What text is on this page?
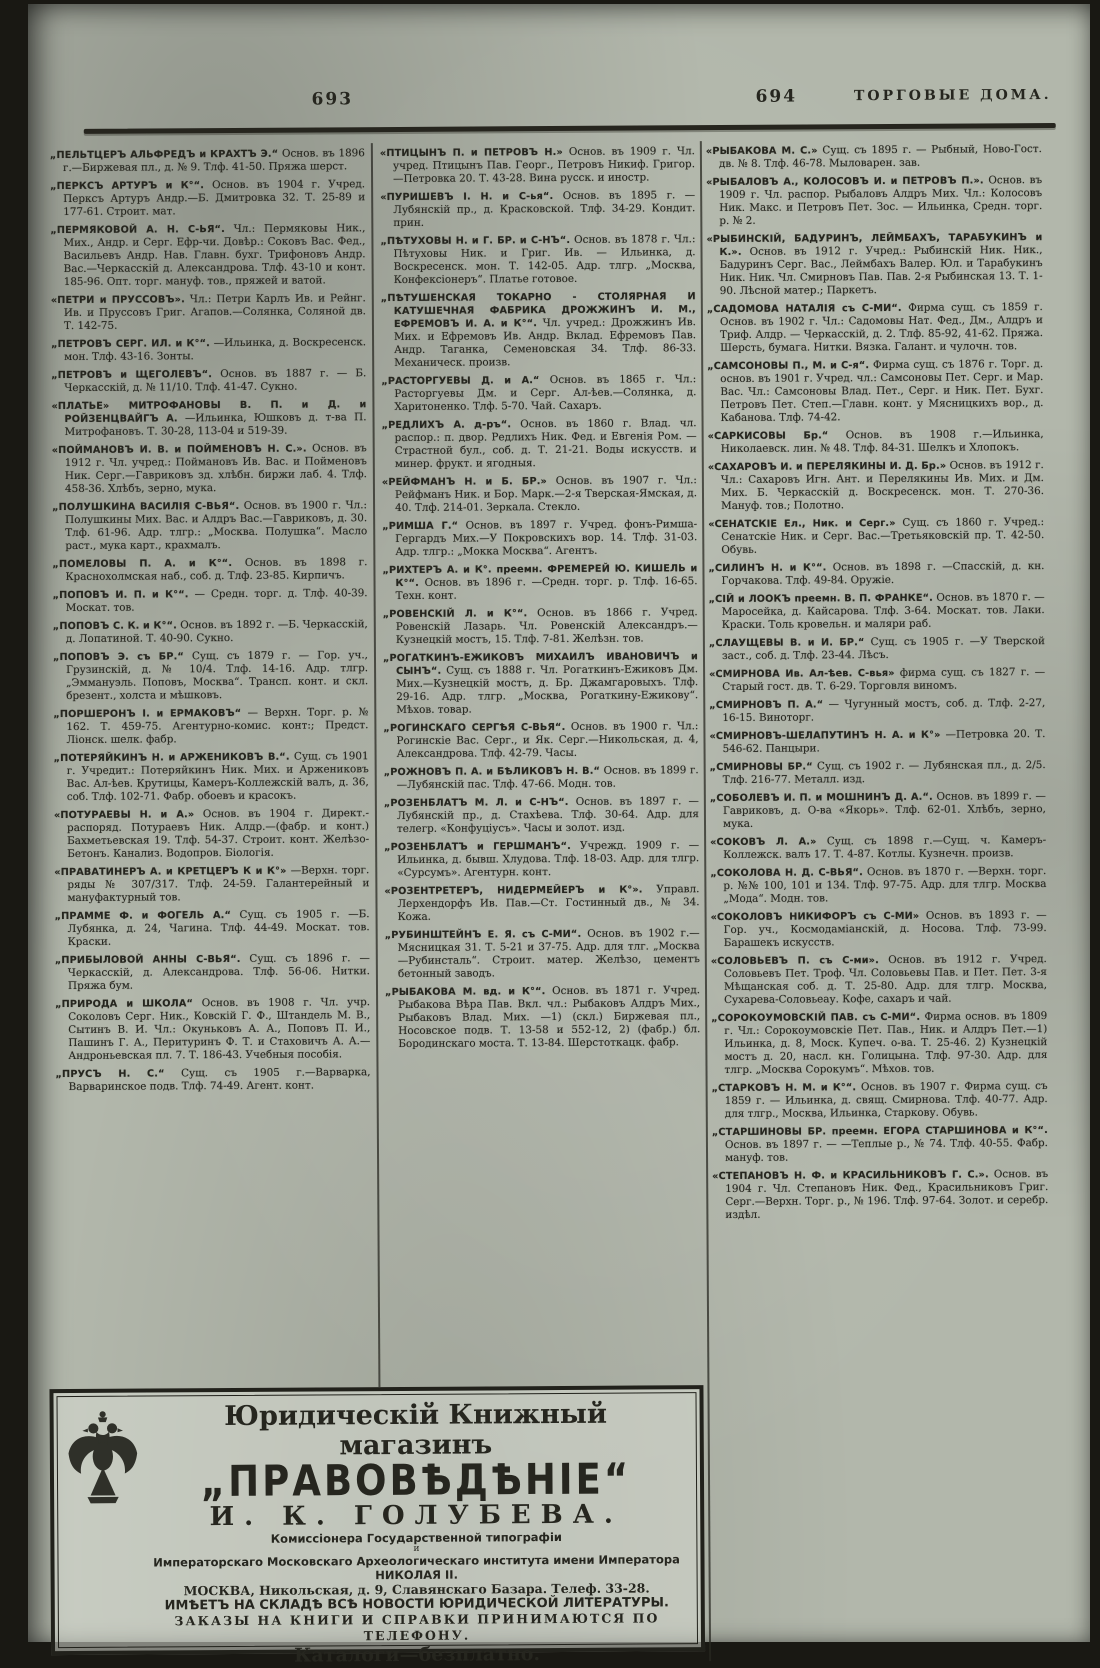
693	694	ТОРГОВЫЕ ДОМА.
„ПЕЛЬТЦЕРЪ АЛЬФРЕДЪ и КРАХТЪ Э.“ Основ. въ 1896 г.—Биржевая пл., д. № 9. Тлф. 41-50. Пряжа шерст.
„ПЕРКСЪ АРТУРЪ и К°“. Основ. въ 1904 г. Учред. Перксъ Артуръ Андр.—Б. Дмитровка 32. Т. 25-89 и 177-61. Строит. мат.
„ПЕРМЯКОВОЙ А. Н. С-ЬЯ“. Чл.: Пермяковы Ник., Мих., Андр. и Серг. Ефр-чи. Довѣр.: Соковъ Вас. Фед., Васильевъ Андр. Нав. Главн. бухг. Трифоновъ Андр. Вас.—Черкасскій д. Александрова. Тлф. 43-10 и конт. 185-96. Опт. торг. мануф. тов., пряжей и ватой.
«ПЕТРИ и ПРУССОВЪ». Чл.: Петри Карлъ Ив. и Рейнг. Ив. и Пруссовъ Григ. Агапов.—Солянка, Соляной дв. Т. 142-75.
„ПЕТРОВЪ СЕРГ. ИЛ. и К°“. —Ильинка, д. Воскресенск. мон. Тлф. 43-16. Зонты.
„ПЕТРОВЪ и ЩЕГОЛЕВЪ“. Основ. въ 1887 г. — Б. Черкасскій, д. № 11/10. Тлф. 41-47. Сукно.
«ПЛАТЬЕ» МИТРОФАНОВЫ В. П. и Д. и РОЙЗЕНЦВАЙГЪ А. —Ильинка, Юшковъ д. т-ва П. Митрофановъ. Т. 30-28, 113-04 и 519-39.
«ПОЙМАНОВЪ И. В. и ПОЙМЕНОВЪ Н. С.». Основ. въ 1912 г. Чл. учред.: Поймановъ Ив. Вас. и Пойменовъ Ник. Серг.—Гавриковъ зд. хлѣбн. биржи лаб. 4. Тлф. 458-36. Хлѣбъ, зерно, мука.
„ПОЛУШКИНА ВАСИЛІЯ С-ВЬЯ“. Основ. въ 1900 г. Чл.: Полушкины Мих. Вас. и Алдръ Вас.—Гавриковъ, д. 30. Тлф. 61-96. Адр. тлгр.: „Москва. Полушка“. Масло раст., мука карт., крахмалъ.
„ПОМЕЛОВЫ П. А. и К°“. Основ. въ 1898 г. Краснохолмская наб., соб. д. Тлф. 23-85. Кирпичъ.
„ПОПОВЪ И. П. и К°“. — Средн. торг. д. Тлф. 40-39. Москат. тов.
„ПОПОВЪ С. К. и К°“. Основ. въ 1892 г. —Б. Черкасскій, д. Лопатиной. Т. 40-90. Сукно.
„ПОПОВЪ Э. съ БР.“ Сущ. съ 1879 г. — Гор. уч., Грузинскій, д. № 10/4. Тлф. 14-16. Адр. тлгр. „Эммануэль. Поповъ, Москва“. Трансп. конт. и скл. брезент., холста и мѣшковъ.
„ПОРШЕРОНЪ І. и ЕРМАКОВЪ“ — Верхн. Торг. р. № 162. Т. 459-75. Агентурно-комис. конт:; Предст. Ліонск. шелк. фабр.
„ПОТЕРЯЙКИНЪ Н. и АРЖЕНИКОВЪ В.“. Сущ. съ 1901 г. Учредит.: Потеряйкинъ Ник. Мих. и Аржениковъ Вас. Ал-ѣев. Крутицы, Камеръ-Коллежскій валъ, д. 36, соб. Тлф. 102-71. Фабр. обоевъ и красокъ.
«ПОТУРАЕВЫ Н. и А.» Основ. въ 1904 г. Директ.-распоряд. Потураевъ Ник. Алдр.—(фабр. и конт.) Бахметьевская 19. Тлф. 54-37. Строит. конт. Желѣзо-Бетонъ. Канализ. Водопров. Біологія.
«ПРАВАТИНЕРЪ А. и КРЕТЦЕРЪ К и К°» —Верхн. торг. ряды № 307/317. Тлф. 24-59. Галантерейный и мануфактурный тов.
„ПРАММЕ Ф. и ФОГЕЛЬ А.“ Сущ. съ 1905 г. —Б. Лубянка, д. 24, Чагина. Тлф. 44-49. Москат. тов. Краски.
„ПРИБЫЛОВОЙ АННЫ С-ВЬЯ“. Сущ. съ 1896 г. — Черкасскій, д. Александрова. Тлф. 56-06. Нитки. Пряжа бум.
„ПРИРОДА и ШКОЛА“ Основ. въ 1908 г. Чл. учр. Соколовъ Серг. Ник., Ковскій Г. Ф., Штандель М. В., Сытинъ В. И. Чл.: Окуньковъ А. А., Поповъ П. И., Пашинъ Г. А., Перитуринъ Ф. Т. и Стаховичъ А. А.—Андроньевская пл. 7. Т. 186-43. Учебныя пособія.
„ПРУСЪ Н. С.“ Сущ. съ 1905 г.—Варварка, Варваринское подв. Тлф. 74-49. Агент. конт.
«ПТИЦЫНЪ П. и ПЕТРОВЪ Н.» Основ. въ 1909 г. Чл. учред. Птицынъ Пав. Георг., Петровъ Никиф. Григор.—Петровка 20. Т. 43-28. Вина русск. и иностр.
«ПУРИШЕВЪ І. Н. и С-ья“. Основ. въ 1895 г. —Лубянскій пр., д. Красковской. Тлф. 34-29. Кондит. прин.
„ПѢТУХОВЫ Н. и Г. БР. и С-НЪ“. Основ. въ 1878 г. Чл.: Пѣтуховы Ник. и Григ. Ив. — Ильинка, д. Воскресенск. мон. Т. 142-05. Адр. тлгр. „Москва, Конфексіонеръ“. Платье готовое.
„ПѢТУШЕНСКАЯ ТОКАРНО - СТОЛЯРНАЯ И КАТУШЕЧНАЯ ФАБРИКА ДРОЖЖИНЪ И. М., ЕФРЕМОВЪ И. А. и К°“. Чл. учред.: Дрожжинъ Ив. Мих. и Ефремовъ Ив. Андр. Вклад. Ефремовъ Пав. Андр. Таганка, Семеновская 34. Тлф. 86-33. Механическ. произв.
„РАСТОРГУЕВЫ Д. и А.“ Основ. въ 1865 г. Чл.: Расторгуевы Дм. и Серг. Ал-ѣев.—Солянка, д. Харитоненко. Тлф. 5-70. Чай. Сахаръ.
„РЕДЛИХЪ А. д-ръ“. Основ. въ 1860 г. Влад. чл. распор.: п. двор. Редлихъ Ник. Фед. и Евгенія Ром. — Страстной бул., соб. д. Т. 21-21. Воды искусств. и минер. фрукт. и ягодныя.
«РЕЙФМАНЪ Н. и Б. БР.» Основ. въ 1907 г. Чл.: Рейфманъ Ник. и Бор. Марк.—2-я Тверская-Ямская, д. 40. Тлф. 214-01. Зеркала. Стекло.
„РИМША Г.“ Основ. въ 1897 г. Учред. фонъ-Римша-Гергардъ Мих.—У Покровскихъ вор. 14. Тлф. 31-03. Адр. тлгр.: „Мокка Москва“. Агентъ.
„РИХТЕРЪ А. и К°. преемн. ФРЕМЕРЕЙ Ю. КИШЕЛЬ и К°“. Основ. въ 1896 г. —Средн. торг. р. Тлф. 16-65. Техн. конт.
„РОВЕНСКІЙ Л. и К°“. Основ. въ 1866 г. Учред. Ровенскій Лазарь. Чл. Ровенскій Александръ.—Кузнецкій мостъ, 15. Тлф. 7-81. Желѣзн. тов.
„РОГАТКИНЪ-ЕЖИКОВЪ МИХАИЛЪ ИВАНОВИЧЪ и СЫНЪ“. Сущ. съ 1888 г. Чл. Рогаткинъ-Ежиковъ Дм. Мих.—Кузнецкій мостъ, д. Бр. Джамгаровыхъ. Тлф. 29-16. Адр. тлгр. „Москва, Рогаткину-Ежикову“. Мѣхов. товар.
„РОГИНСКАГО СЕРГѢЯ С-ВЬЯ“. Основ. въ 1900 г. Чл.: Рогинскіе Вас. Серг., и Як. Серг.—Никольская, д. 4, Александрова. Тлф. 42-79. Часы.
„РОЖНОВЪ П. А. и БѢЛИКОВЪ Н. В.“ Основ. въ 1899 г.—Лубянскій пас. Тлф. 47-66. Модн. тов.
„РОЗЕНБЛАТЪ М. Л. и С-НЪ“. Основ. въ 1897 г. — Лубянскій пр., д. Стахѣева. Тлф. 30-64. Адр. для телегр. «Конфуціусъ». Часы и золот. изд.
„РОЗЕНБЛАТЪ и ГЕРШМАНЪ“. Учрежд. 1909 г. — Ильинка, д. бывш. Хлудова. Тлф. 18-03. Адр. для тлгр. «Сурсумъ». Агентурн. конт.
«РОЗЕНТРЕТЕРЪ, НИДЕРМЕЙЕРЪ и К°». Управл. Лерхендорфъ Ив. Пав.—Ст. Гостинный дв., № 34. Кожа.
„РУБИНШТЕЙНЪ Е. Я. съ С-МИ“. Основ. въ 1902 г.—Мясницкая 31. Т. 5-21 и 37-75. Адр. для тлг. „Москва—Рубинсталь“. Строит. матер. Желѣзо, цементъ бетонный заводъ.
„РЫБАКОВА М. вд. и К°“. Основ. въ 1871 г. Учред. Рыбакова Вѣра Пав. Вкл. чл.: Рыбаковъ Алдръ Мих., Рыбаковъ Влад. Мих. —1) (скл.) Биржевая пл., Носовское подв. Т. 13-58 и 552-12, 2) (фабр.) бл. Бородинскаго моста. Т. 13-84. Шерстоткацк. фабр.
«РЫБАКОВА М. С.» Сущ. съ 1895 г. — Рыбный, Ново-Гост. дв. № 8. Тлф. 46-78. Мыловарен. зав.
«РЫБАЛОВЪ А., КОЛОСОВЪ И. и ПЕТРОВЪ П.». Основ. въ 1909 г. Чл. распор. Рыбаловъ Алдръ Мих. Чл.: Колосовъ Ник. Макс. и Петровъ Пет. Зос. — Ильинка, Средн. торг. р. № 2.
«РЫБИНСКІЙ, БАДУРИНЪ, ЛЕЙМБАХЪ, ТАРАБУКИНЪ и К.». Основ. въ 1912 г. Учред.: Рыбинскій Ник. Ник., Бадуринъ Серг. Вас., Леймбахъ Валер. Юл. и Тарабукинъ Ник. Ник. Чл. Смирновъ Пав. Пав. 2-я Рыбинская 13. Т. 1-90. Лѣсной матер.; Паркетъ.
„САДОМОВА НАТАЛІЯ съ С-МИ“. Фирма сущ. съ 1859 г. Основ. въ 1902 г. Чл.: Садомовы Нат. Фед., Дм., Алдръ и Триф. Алдр. — Черкасскій, д. 2. Тлф. 85-92, 41-62. Пряжа. Шерсть, бумага. Нитки. Вязка. Галант. и чулочн. тов.
„САМСОНОВЫ П., М. и С-я“. Фирма сущ. съ 1876 г. Торг. д. основ. въ 1901 г. Учред. чл.: Самсоновы Пет. Серг. и Мар. Вас. Чл.: Самсоновы Влад. Пет., Серг. и Ник. Пет. Бухг. Петровъ Пет. Степ.—Главн. конт. у Мясницкихъ вор., д. Кабанова. Тлф. 74-42.
«САРКИСОВЫ Бр.“ Основ. въ 1908 г.—Ильинка, Николаевск. лин. № 48. Тлф. 84-31. Шелкъ и Хлопокъ.
«САХАРОВЪ И. и ПЕРЕЛЯКИНЫ И. Д. Бр.» Основ. въ 1912 г. Чл.: Сахаровъ Игн. Ант. и Перелякины Ив. Мих. и Дм. Мих. Б. Черкасскій д. Воскресенск. мон. Т. 270-36. Мануф. тов.; Полотно.
«СЕНАТСКІЕ Ел., Ник. и Серг.» Сущ. съ 1860 г. Учред.: Сенатскіе Ник. и Серг. Вас.—Третьяковскій пр. Т. 42-50. Обувь.
„СИЛИНЪ Н. и К°“. Основ. въ 1898 г. —Спасскій, д. кн. Горчакова. Тлф. 49-84. Оружіе.
„СІЙ и ЛООКЪ преемн. В. П. ФРАНКЕ“. Основ. въ 1870 г. — Маросейка, д. Кайсарова. Тлф. 3-64. Москат. тов. Лаки. Краски. Толь кровельн. и маляри раб.
„СЛАУЩЕВЫ В. и И. БР.“ Сущ. съ 1905 г. —У Тверской заст., соб. д. Тлф. 23-44. Лѣсъ.
«СМИРНОВА Ив. Ал-ѣев. С-вья» фирма сущ. съ 1827 г. — Старый гост. дв. Т. 6-29. Торговля виномъ.
„СМИРНОВЪ П. А.“ — Чугунный мостъ, соб. д. Тлф. 2-27, 16-15. Виноторг.
«СМИРНОВЪ-ШЕЛАПУТИНЪ Н. А. и К°» —Петровка 20. Т. 546-62. Панцыри.
„СМИРНОВЫ БР.“ Сущ. съ 1902 г. — Лубянская пл., д. 2/5. Тлф. 216-77. Металл. изд.
„СОБОЛЕВЪ И. П. и МОШНИНЪ Д. А.“. Основ. въ 1899 г. — Гавриковъ, д. О-ва «Якорь». Тлф. 62-01. Хлѣбъ, зерно, мука.
«СОКОВЪ Л. А.» Сущ. съ 1898 г.—Сущ. ч. Камеръ-Коллежск. валъ 17. Т. 4-87. Котлы. Кузнечн. произв.
„СОКОЛОВА Н. Д. С-ВЬЯ“. Основ. въ 1870 г. —Верхн. торг. р. №№ 100, 101 и 134. Тлф. 97-75. Адр. для тлгр. Москва „Мода“. Модн. тов.
«СОКОЛОВЪ НИКИФОРЪ съ С-МИ» Основ. въ 1893 г. — Гор. уч., Космодаміанскій, д. Носова. Тлф. 73-99. Барашекъ искусств.
«СОЛОВЬЕВЪ П. съ С-ми». Основ. въ 1912 г. Учред. Соловьевъ Пет. Троф. Чл. Соловьевы Пав. и Пет. Пет. 3-я Мѣщанская соб. д. Т. 25-80. Адр. для тлгр. Москва, Сухарева-Соловьеау. Кофе, сахаръ и чай.
„СОРОКОУМОВСКІЙ ПАВ. съ С-МИ“. Фирма основ. въ 1809 г. Чл.: Сорокоумовскіе Пет. Пав., Ник. и Алдръ Пет.—1) Ильинка, д. 8, Моск. Купеч. о-ва. Т. 25-46. 2) Кузнецкій мостъ д. 20, насл. кн. Голицына. Тлф. 97-30. Адр. для тлгр. „Москва Сорокумъ“. Мѣхов. тов.
„СТАРКОВЪ Н. М. и К°“. Основ. въ 1907 г. Фирма сущ. съ 1859 г. — Ильинка, д. свящ. Смирнова. Тлф. 40-77. Адр. для тлгр., Москва, Ильинка, Старкову. Обувь.
„СТАРШИНОВЫ БР. преемн. ЕГОРА СТАРШИНОВА и К°“. Основ. въ 1897 г. — —Теплые р., № 74. Тлф. 40-55. Фабр. мануф. тов.
«СТЕПАНОВЪ Н. Ф. и КРАСИЛЬНИКОВЪ Г. С.». Основ. въ 1904 г. Чл. Степановъ Ник. Фед., Красильниковъ Григ. Серг.—Верхн. Торг. р., № 196. Тлф. 97-64. Золот. и серебр. издѣл.
Юридическій Книжный магазинъ
„ПРАВОВѢДѢНІЕ“
И. К. ГОЛУБЕВА.
Комиссіонера Государственной типографіи
и
Императорскаго Московскаго Археологическаго института имени Императора НИКОЛАЯ II.
МОСКВА, Никольская, д. 9, Славянскаго Базара. Телеф. 33-28.
ИМѢЕТЪ НА СКЛАДѢ ВСѢ НОВОСТИ ЮРИДИЧЕСКОЙ ЛИТЕРАТУРЫ.
ЗАКАЗЫ НА КНИГИ И СПРАВКИ ПРИНИМАЮТСЯ ПО ТЕЛЕФОНУ.
Каталоги—безплатно.
